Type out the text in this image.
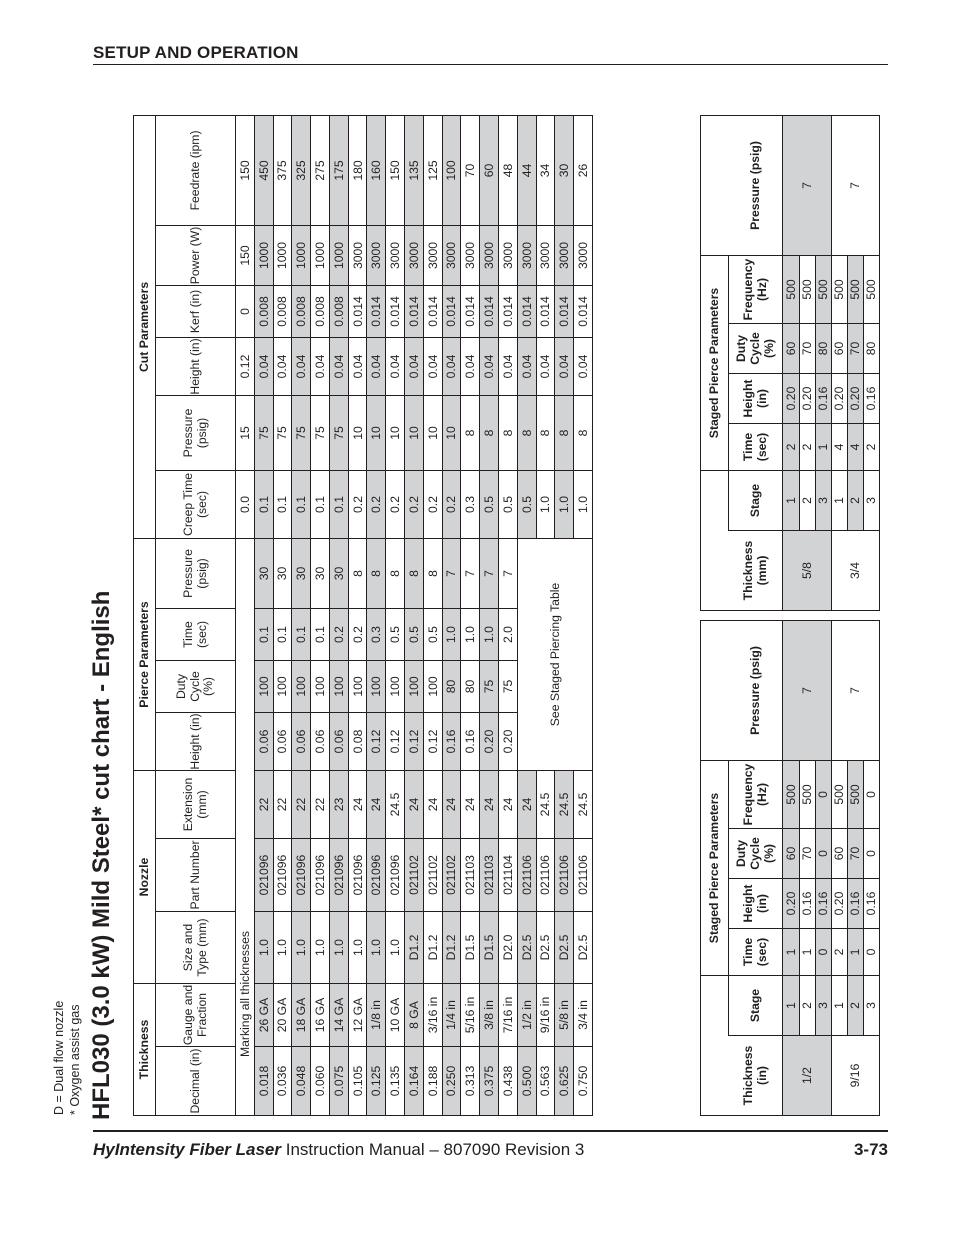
SETUP AND OPERATION
Thickness		Nozzle			Pierce Parameters				Cut Parameters					
Decimal (in)	Gauge and Fraction	Size and Type (mm)	Part Number	Extension (mm)	Height (in)	Duty Cycle (%)	Time (sec)	Pressure (psig)	Creep Time (sec)	Pressure (psig)	Height (in)	Kerf (in)	Power (W)	Feedrate (ipm)
Marking all thicknesses									0.0	15	0.12	0	150	150
0.018	26 GA	1.0	021096	22	0.06	100	0.1	30	0.1	75	0.04	0.008	1000	450
0.036	20 GA	1.0	021096	22	0.06	100	0.1	30	0.1	75	0.04	0.008	1000	375
0.048	18 GA	1.0	021096	22	0.06	100	0.1	30	0.1	75	0.04	0.008	1000	325
0.060	16 GA	1.0	021096	22	0.06	100	0.1	30	0.1	75	0.04	0.008	1000	275
0.075	14 GA	1.0	021096	23	0.06	100	0.2	30	0.1	75	0.04	0.008	1000	175
0.105	12 GA	1.0	021096	24	0.08	100	0.2	8	0.2	10	0.04	0.014	3000	180
0.125	1/8 in	1.0	021096	24	0.12	100	0.3	8	0.2	10	0.04	0.014	3000	160
0.135	10 GA	1.0	021096	24.5	0.12	100	0.5	8	0.2	10	0.04	0.014	3000	150
0.164	8 GA	D1.2	021102	24	0.12	100	0.5	8	0.2	10	0.04	0.014	3000	135
0.188	3/16 in	D1.2	021102	24	0.12	100	0.5	8	0.2	10	0.04	0.014	3000	125
0.250	1/4 in	D1.2	021102	24	0.16	80	1.0	7	0.2	10	0.04	0.014	3000	100
0.313	5/16 in	D1.5	021103	24	0.16	80	1.0	7	0.3	8	0.04	0.014	3000	70
0.375	3/8 in	D1.5	021103	24	0.20	75	1.0	7	0.5	8	0.04	0.014	3000	60
0.438	7/16 in	D2.0	021104	24	0.20	75	2.0	7	0.5	8	0.04	0.014	3000	48
0.500	1/2 in	D2.5	021106	24	See Staged Piercing Table				0.5	8	0.04	0.014	3000	44
0.563	9/16 in	D2.5	021106	24.5					1.0	8	0.04	0.014	3000	34
0.625	5/8 in	D2.5	021106	24.5					1.0	8	0.04	0.014	3000	30
0.750	3/4 in	D2.5	021106	24.5					1.0	8	0.04	0.014	3000	26
HFL030 (3.0 kW) Mild Steel* cut chart - English
D = Dual flow nozzle * Oxygen assist gas
		Staged Pierce Parameters				
Thickness (in)	Stage	Time (sec)	Height (in)	Duty Cycle (%)	Frequency (Hz)	Pressure (psig)
1/2	1	1	0.20	60	500	7
	2	1	0.16	70	500	
	3	0	0.16	0	0	
9/16	1	2	0.20	60	500	7
	2	1	0.16	70	500	
	3	0	0.16	0	0	
		Staged Pierce Parameters				
Thickness (mm)	Stage	Time (sec)	Height (in)	Duty Cycle (%)	Frequency (Hz)	Pressure (psig)
5/8	1	2	0.20	60	500	7
	2	2	0.20	70	500	
	3	1	0.16	80	500	
3/4	1	4	0.20	60	500	7
	2	4	0.20	70	500	
	3	2	0.16	80	500	
HyIntensity Fiber Laser Instruction Manual – 807090 Revision 3	3-73
